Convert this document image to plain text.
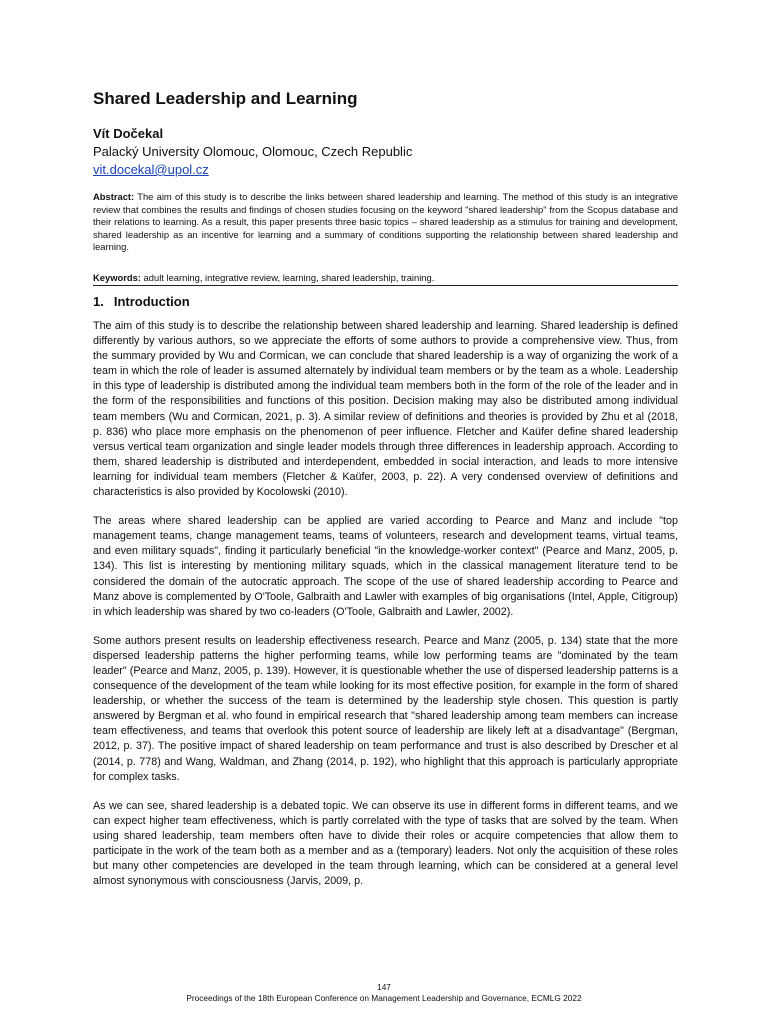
Shared Leadership and Learning
Vít Dočekal
Palacký University Olomouc, Olomouc, Czech Republic
vit.docekal@upol.cz

Abstract: The aim of this study is to describe the links between shared leadership and learning. The method of this study is an integrative review that combines the results and findings of chosen studies focusing on the keyword "shared leadership" from the Scopus database and their relations to learning. As a result, this paper presents three basic topics – shared leadership as a stimulus for training and development, shared leadership as an incentive for learning and a summary of conditions supporting the relationship between shared leadership and learning.

Keywords: adult learning, integrative review, learning, shared leadership, training.

1. Introduction

The aim of this study is to describe the relationship between shared leadership and learning. Shared leadership is defined differently by various authors, so we appreciate the efforts of some authors to provide a comprehensive view. Thus, from the summary provided by Wu and Cormican, we can conclude that shared leadership is a way of organizing the work of a team in which the role of leader is assumed alternately by individual team members or by the team as a whole. Leadership in this type of leadership is distributed among the individual team members both in the form of the role of the leader and in the form of the responsibilities and functions of this position. Decision making may also be distributed among individual team members (Wu and Cormican, 2021, p. 3). A similar review of definitions and theories is provided by Zhu et al (2018, p. 836) who place more emphasis on the phenomenon of peer influence. Fletcher and Kaüfer define shared leadership versus vertical team organization and single leader models through three differences in leadership approach. According to them, shared leadership is distributed and interdependent, embedded in social interaction, and leads to more intensive learning for individual team members (Fletcher & Kaüfer, 2003, p. 22). A very condensed overview of definitions and characteristics is also provided by Kocolowski (2010).

The areas where shared leadership can be applied are varied according to Pearce and Manz and include "top management teams, change management teams, teams of volunteers, research and development teams, virtual teams, and even military squads", finding it particularly beneficial "in the knowledge-worker context" (Pearce and Manz, 2005, p. 134). This list is interesting by mentioning military squads, which in the classical management literature tend to be considered the domain of the autocratic approach. The scope of the use of shared leadership according to Pearce and Manz above is complemented by O'Toole, Galbraith and Lawler with examples of big organisations (Intel, Apple, Citigroup) in which leadership was shared by two co-leaders (O'Toole, Galbraith and Lawler, 2002).

Some authors present results on leadership effectiveness research. Pearce and Manz (2005, p. 134) state that the more dispersed leadership patterns the higher performing teams, while low performing teams are "dominated by the team leader" (Pearce and Manz, 2005, p. 139). However, it is questionable whether the use of dispersed leadership patterns is a consequence of the development of the team while looking for its most effective position, for example in the form of shared leadership, or whether the success of the team is determined by the leadership style chosen. This question is partly answered by Bergman et al. who found in empirical research that "shared leadership among team members can increase team effectiveness, and teams that overlook this potent source of leadership are likely left at a disadvantage" (Bergman, 2012, p. 37). The positive impact of shared leadership on team performance and trust is also described by Drescher et al (2014, p. 778) and Wang, Waldman, and Zhang (2014, p. 192), who highlight that this approach is particularly appropriate for complex tasks.

As we can see, shared leadership is a debated topic. We can observe its use in different forms in different teams, and we can expect higher team effectiveness, which is partly correlated with the type of tasks that are solved by the team. When using shared leadership, team members often have to divide their roles or acquire competencies that allow them to participate in the work of the team both as a member and as a (temporary) leaders. Not only the acquisition of these roles but many other competencies are developed in the team through learning, which can be considered at a general level almost synonymous with consciousness (Jarvis, 2009, p.

147
Proceedings of the 18th European Conference on Management Leadership and Governance, ECMLG 2022
